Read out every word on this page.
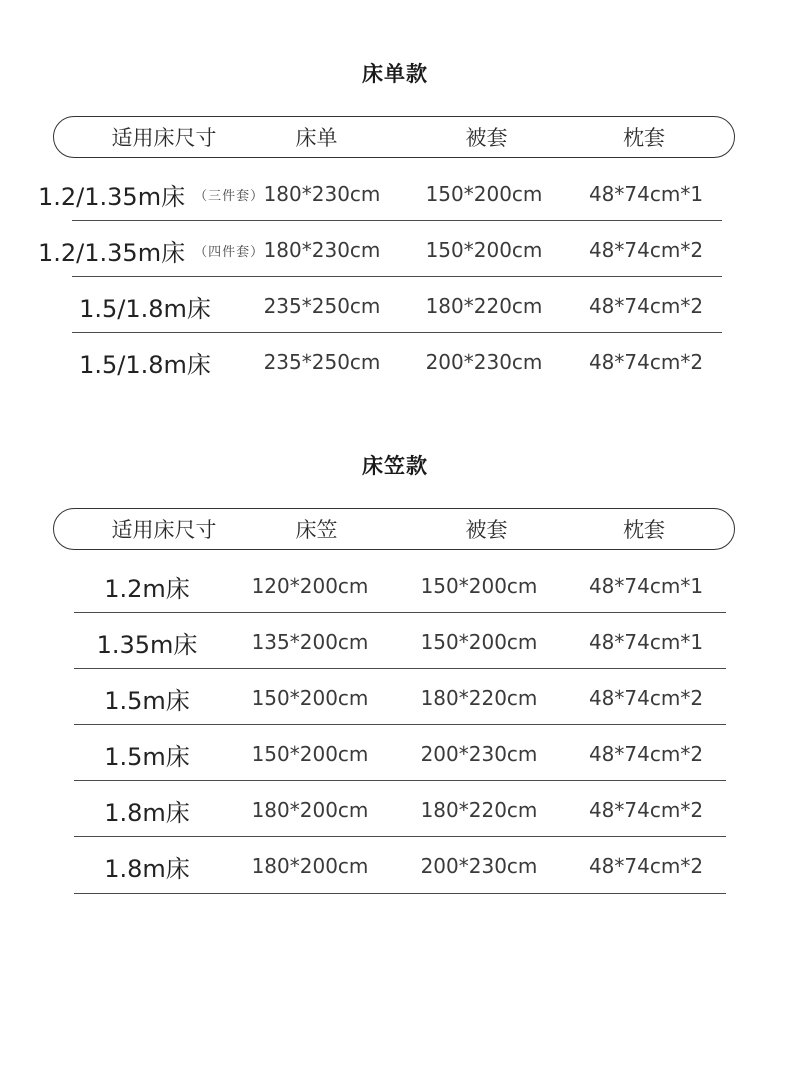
床单款
适用床尺寸	床单	被套	枕套
1.2/1.35m床 （三件套） 180*230cm	150*200cm	48*74cm*1
1.2/1.35m床 （四件套） 180*230cm	150*200cm	48*74cm*2
1.5/1.8m床	235*250cm	180*220cm	48*74cm*2
1.5/1.8m床	235*250cm	200*230cm	48*74cm*2
床笠款
适用床尺寸	床笠	被套	枕套
1.2m床	120*200cm	150*200cm	48*74cm*1
1.35m床	135*200cm	150*200cm	48*74cm*1
1.5m床	150*200cm	180*220cm	48*74cm*2
1.5m床	150*200cm	200*230cm	48*74cm*2
1.8m床	180*200cm	180*220cm	48*74cm*2
1.8m床	180*200cm	200*230cm	48*74cm*2
